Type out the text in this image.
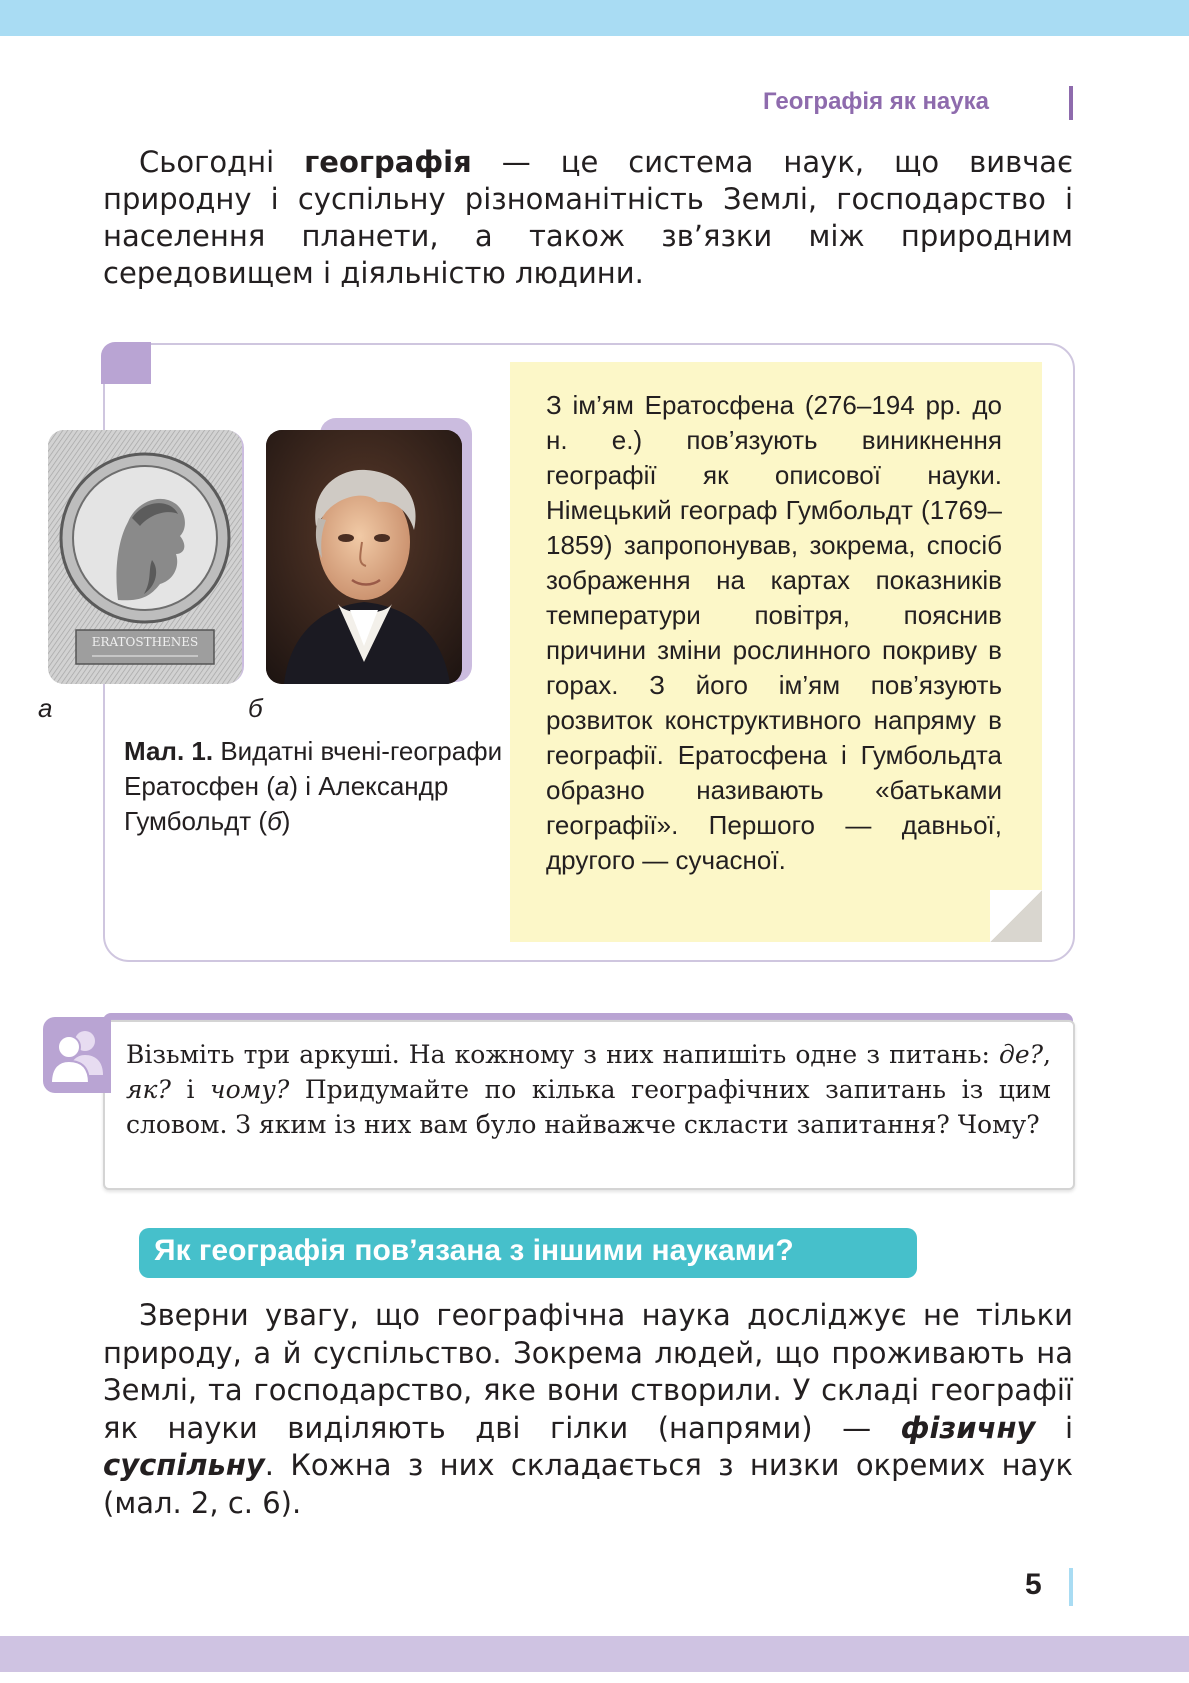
Географія як наука
Сьогодні географія — це система наук, що вивчає природну і суспільну різноманітність Землі, господарство і населення планети, а також зв’язки між природним середовищем і діяльністю людини.
З ім’ям Ератосфена (276–194 рр. до н. е.) пов’язують виникнення географії як описової науки. Німецький географ Гумбольдт (1769–1859) запропонував, зокрема, спосіб зображення на картах показників температури повітря, пояснив причини зміни рослинного покриву в горах. З його ім’ям пов’язують розвиток конструктивного напряму в географії. Ератосфена і Гумбольдта образно називають «батьками географії». Першого — давньої, другого — сучасної.
ERATOSTHENES
а	б
Мал. 1. Видатні вчені-географи Ератосфен (а) і Александр Гумбольдт (б)
Візьміть три аркуші. На кожному з них напишіть одне з питань: де?, як? і чому? Придумайте по кілька географічних запитань із цим словом. З яким із них вам було найважче скласти запитання? Чому?
Як географія пов’язана з іншими науками?
Зверни увагу, що географічна наука досліджує не тільки природу, а й суспільство. Зокрема людей, що проживають на Землі, та господарство, яке вони створили. У складі географії як науки виділяють дві гілки (напрями) — фізичну і суспільну. Кожна з них складається з низки окремих наук (мал. 2, с. 6).
5
